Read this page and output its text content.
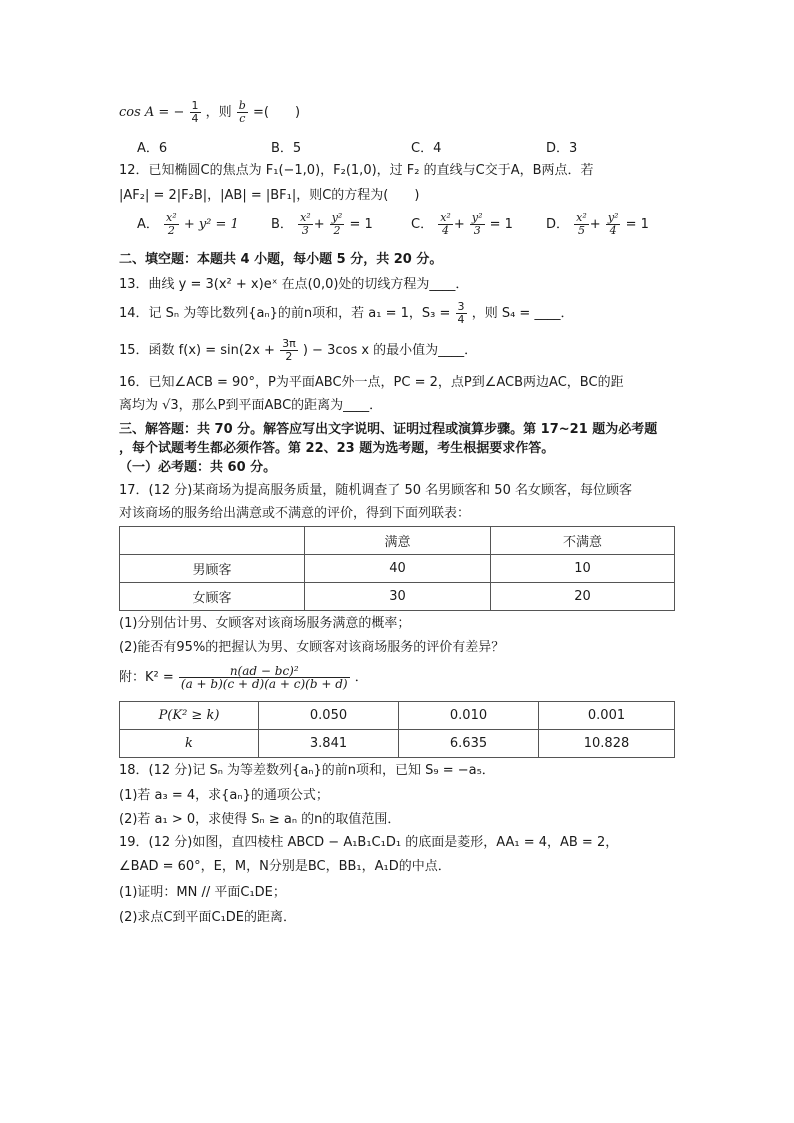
cos A = − $\frac{1}{4}$ ，则 $\frac{b}{c}$ =(　　)
A．6	B．5	C．4	D．3
12．已知椭圆C的焦点为 F₁(−1,0)，F₂(1,0)，过 F₂ 的直线与C交于A，B两点．若
|AF₂| = 2|F₂B|，|AB| = |BF₁|，则C的方程为(　　)
A． $\frac{\text{x²}}{2} + y^2 = 1$ B． $\frac{\text{x²}}{3} + \frac{\text{y²}}{2} = 1$	C． $\frac{\text{x²}}{4} + \frac{\text{y²}}{3} = 1$	D． $\frac{\text{x²}}{5} + \frac{\text{y²}}{4} = 1$
二、填空题：本题共 4 小题，每小题 5 分，共 20 分。
13．曲线 y = 3(x² + x)eˣ 在点(0,0)处的切线方程为____．
14．记 Sₙ 为等比数列{aₙ}的前n项和，若 a₁ = 1，$S_3 = \frac{3}{4}$ ，则 S₄ = ____．
15．函数 $f(x) = \sin(2x + \frac{3\pi}{2}$ ) − 3cos x 的最小值为____．
16．已知∠ACB = 90°，P为平面ABC外一点，PC = 2，点P到∠ACB两边AC，BC的距
离均为 √3，那么P到平面ABC的距离为____．
三、解答题：共 70 分。解答应写出文字说明、证明过程或演算步骤。第 17~21 题为必考题
，每个试题考生都必须作答。第 22、23 题为选考题，考生根据要求作答。
（一）必考题：共 60 分。
17．(12 分)某商场为提高服务质量，随机调查了 50 名男顾客和 50 名女顾客，每位顾客
对该商场的服务给出满意或不满意的评价，得到下面列联表：
	满意	不满意
男顾客	40	10
女顾客	30	20
(1)分别估计男、女顾客对该商场服务满意的概率；
(2)能否有95%的把握认为男、女顾客对该商场服务的评价有差异？
附：$K^2 = \frac{\text{n(ad − bc)²}}{(a + b)(c + d)(a + c)(b + d)}$ ．
P(K² ≥ k)	0.050	0.010	0.001
k	3.841	6.635	10.828
18．(12 分)记 Sₙ 为等差数列{aₙ}的前n项和，已知 S₉ = −a₅．
(1)若 a₃ = 4，求{aₙ}的通项公式；
(2)若 a₁ > 0，求使得 Sₙ ≥ aₙ 的n的取值范围．
19．(12 分)如图，直四棱柱 ABCD − A₁B₁C₁D₁ 的底面是菱形，AA₁ = 4，AB = 2，
∠BAD = 60°，E，M，N分别是BC，BB₁，A₁D的中点．
(1)证明：MN // 平面C₁DE；
(2)求点C到平面C₁DE的距离．
